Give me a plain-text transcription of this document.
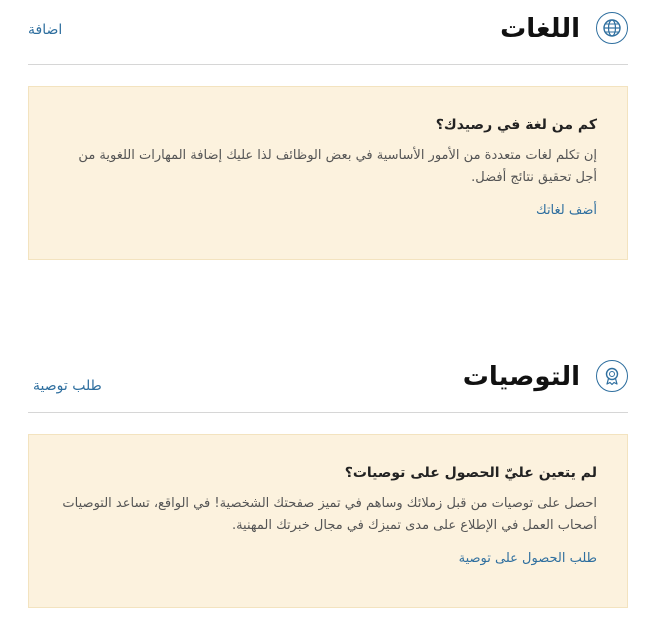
اللغات
اضافة
كم من لغة في رصيدك؟

إن تكلم لغات متعددة من الأمور الأساسية في بعض الوظائف لذا عليك إضافة المهارات اللغوية من أجل تحقيق نتائج أفضل.

أضف لغاتك
التوصيات
طلب توصية
لم يتعين عليّ الحصول على توصيات؟

احصل على توصيات من قبل زملائك وساهم في تميز صفحتك الشخصية! في الواقع، تساعد التوصيات أصحاب العمل في الإطلاع على مدى تميزك في مجال خبرتك المهنية.

طلب الحصول على توصية
